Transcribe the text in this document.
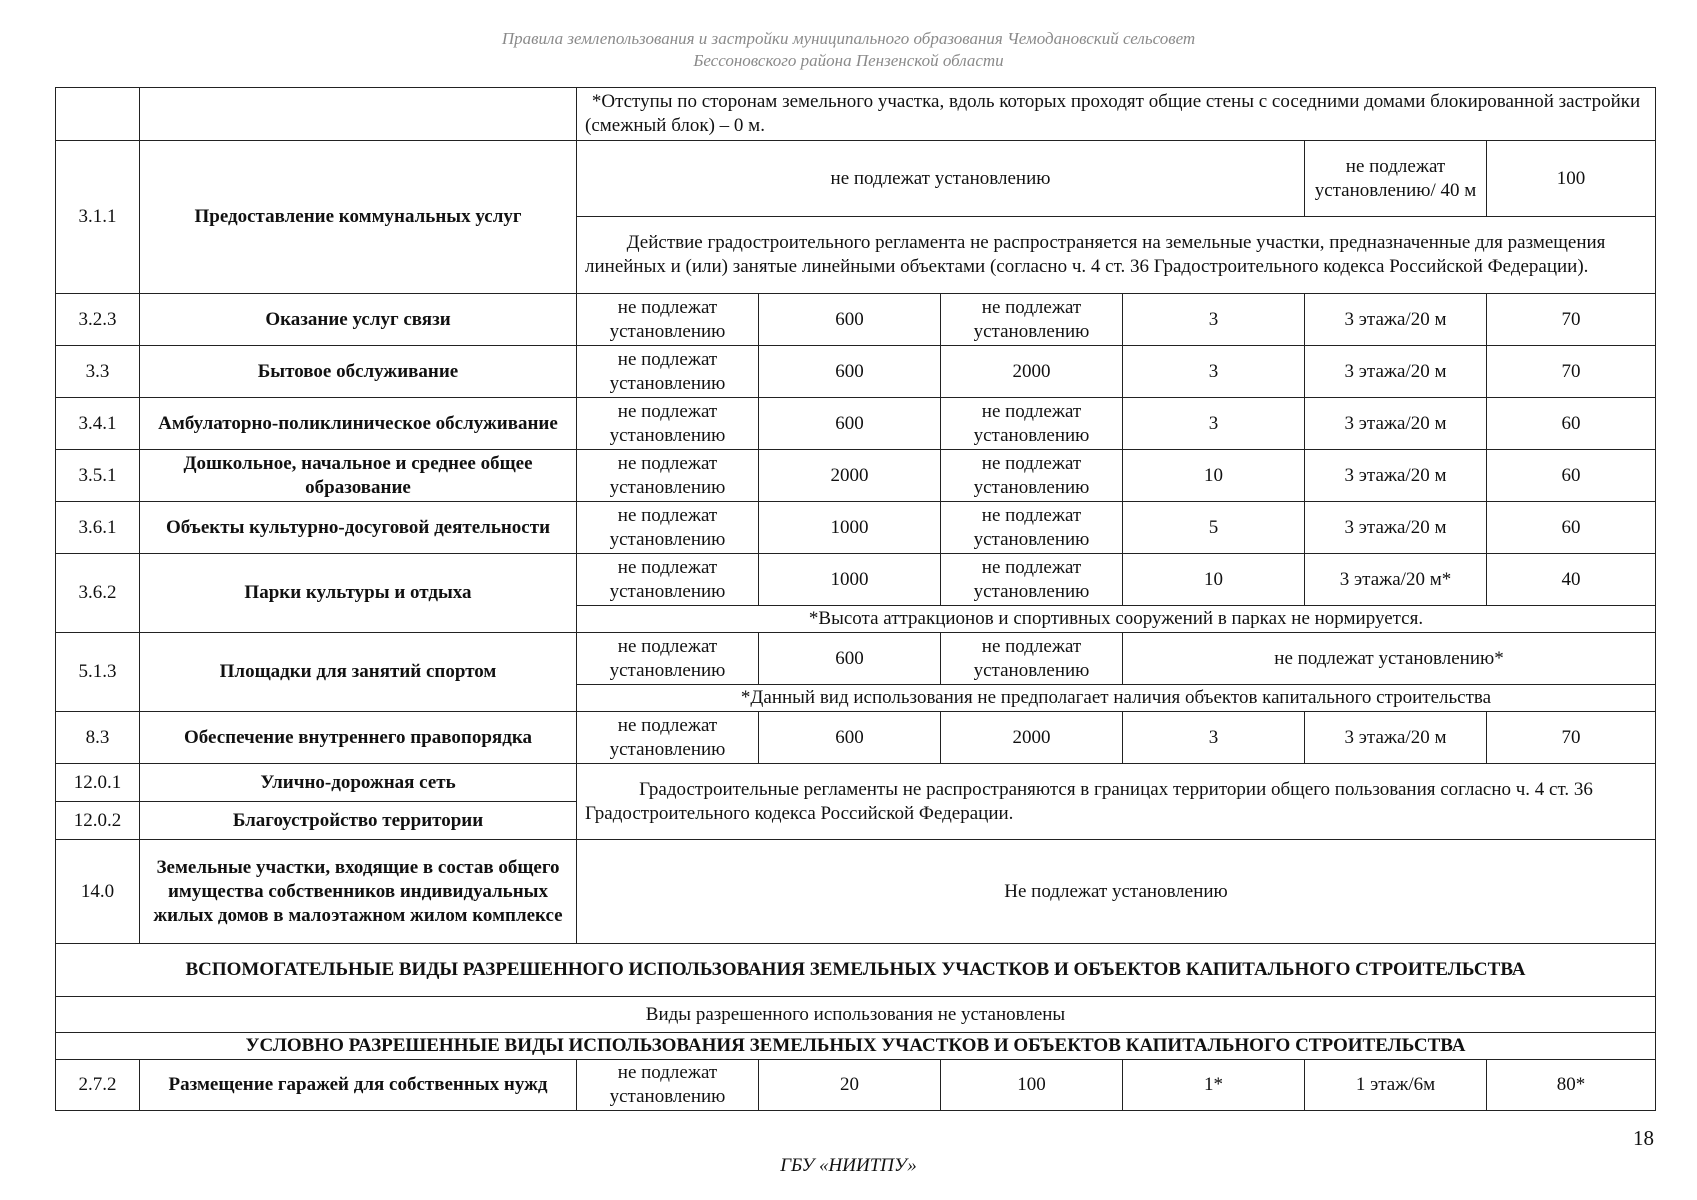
Правила землепользования и застройки муниципального образования Чемодановский сельсовет
Бессоновского района Пензенской области
		*Отступы по сторонам земельного участка, вдоль которых проходят общие стены с соседними домами блокированной застройки (смежный блок) – 0 м.					
3.1.1	Предоставление коммунальных услуг	не подлежат установлению				не подлежат установлению/ 40 м	100
		Действие градостроительного регламента не распространяется на земельные участки, предназначенные для размещения линейных и (или) занятые линейными объектами (согласно ч. 4 ст. 36 Градостроительного кодекса Российской Федерации).					
3.2.3	Оказание услуг связи	не подлежат установлению	600	не подлежат установлению	3	3 этажа/20 м	70
3.3	Бытовое обслуживание	не подлежат установлению	600	2000	3	3 этажа/20 м	70
3.4.1	Амбулаторно-поликлиническое обслуживание	не подлежат установлению	600	не подлежат установлению	3	3 этажа/20 м	60
3.5.1	Дошкольное, начальное и среднее общее образование	не подлежат установлению	2000	не подлежат установлению	10	3 этажа/20 м	60
3.6.1	Объекты культурно-досуговой деятельности	не подлежат установлению	1000	не подлежат установлению	5	3 этажа/20 м	60
3.6.2	Парки культуры и отдыха	не подлежат установлению	1000	не подлежат установлению	10	3 этажа/20 м*	40
		*Высота аттракционов и спортивных сооружений в парках не нормируется.					
5.1.3	Площадки для занятий спортом	не подлежат установлению	600	не подлежат установлению	не подлежат установлению*		
		*Данный вид использования не предполагает наличия объектов капитального строительства					
8.3	Обеспечение внутреннего правопорядка	не подлежат установлению	600	2000	3	3 этажа/20 м	70
12.0.1	Улично-дорожная сеть	Градостроительные регламенты не распространяются в границах территории общего пользования согласно ч. 4 ст. 36 Градостроительного кодекса Российской Федерации.					
12.0.2	Благоустройство территории						
14.0	Земельные участки, входящие в состав общего имущества собственников индивидуальных жилых домов в малоэтажном жилом комплексе	Не подлежат установлению					
ВСПОМОГАТЕЛЬНЫЕ ВИДЫ РАЗРЕШЕННОГО ИСПОЛЬЗОВАНИЯ ЗЕМЕЛЬНЫХ УЧАСТКОВ И ОБЪЕКТОВ КАПИТАЛЬНОГО СТРОИТЕЛЬСТВА							
Виды разрешенного использования не установлены							
УСЛОВНО РАЗРЕШЕННЫЕ ВИДЫ ИСПОЛЬЗОВАНИЯ ЗЕМЕЛЬНЫХ УЧАСТКОВ И ОБЪЕКТОВ КАПИТАЛЬНОГО СТРОИТЕЛЬСТВА							
2.7.2	Размещение гаражей для собственных нужд	не подлежат установлению	20	100	1*	1 этаж/6м	80*
18
ГБУ «НИИТПУ»
